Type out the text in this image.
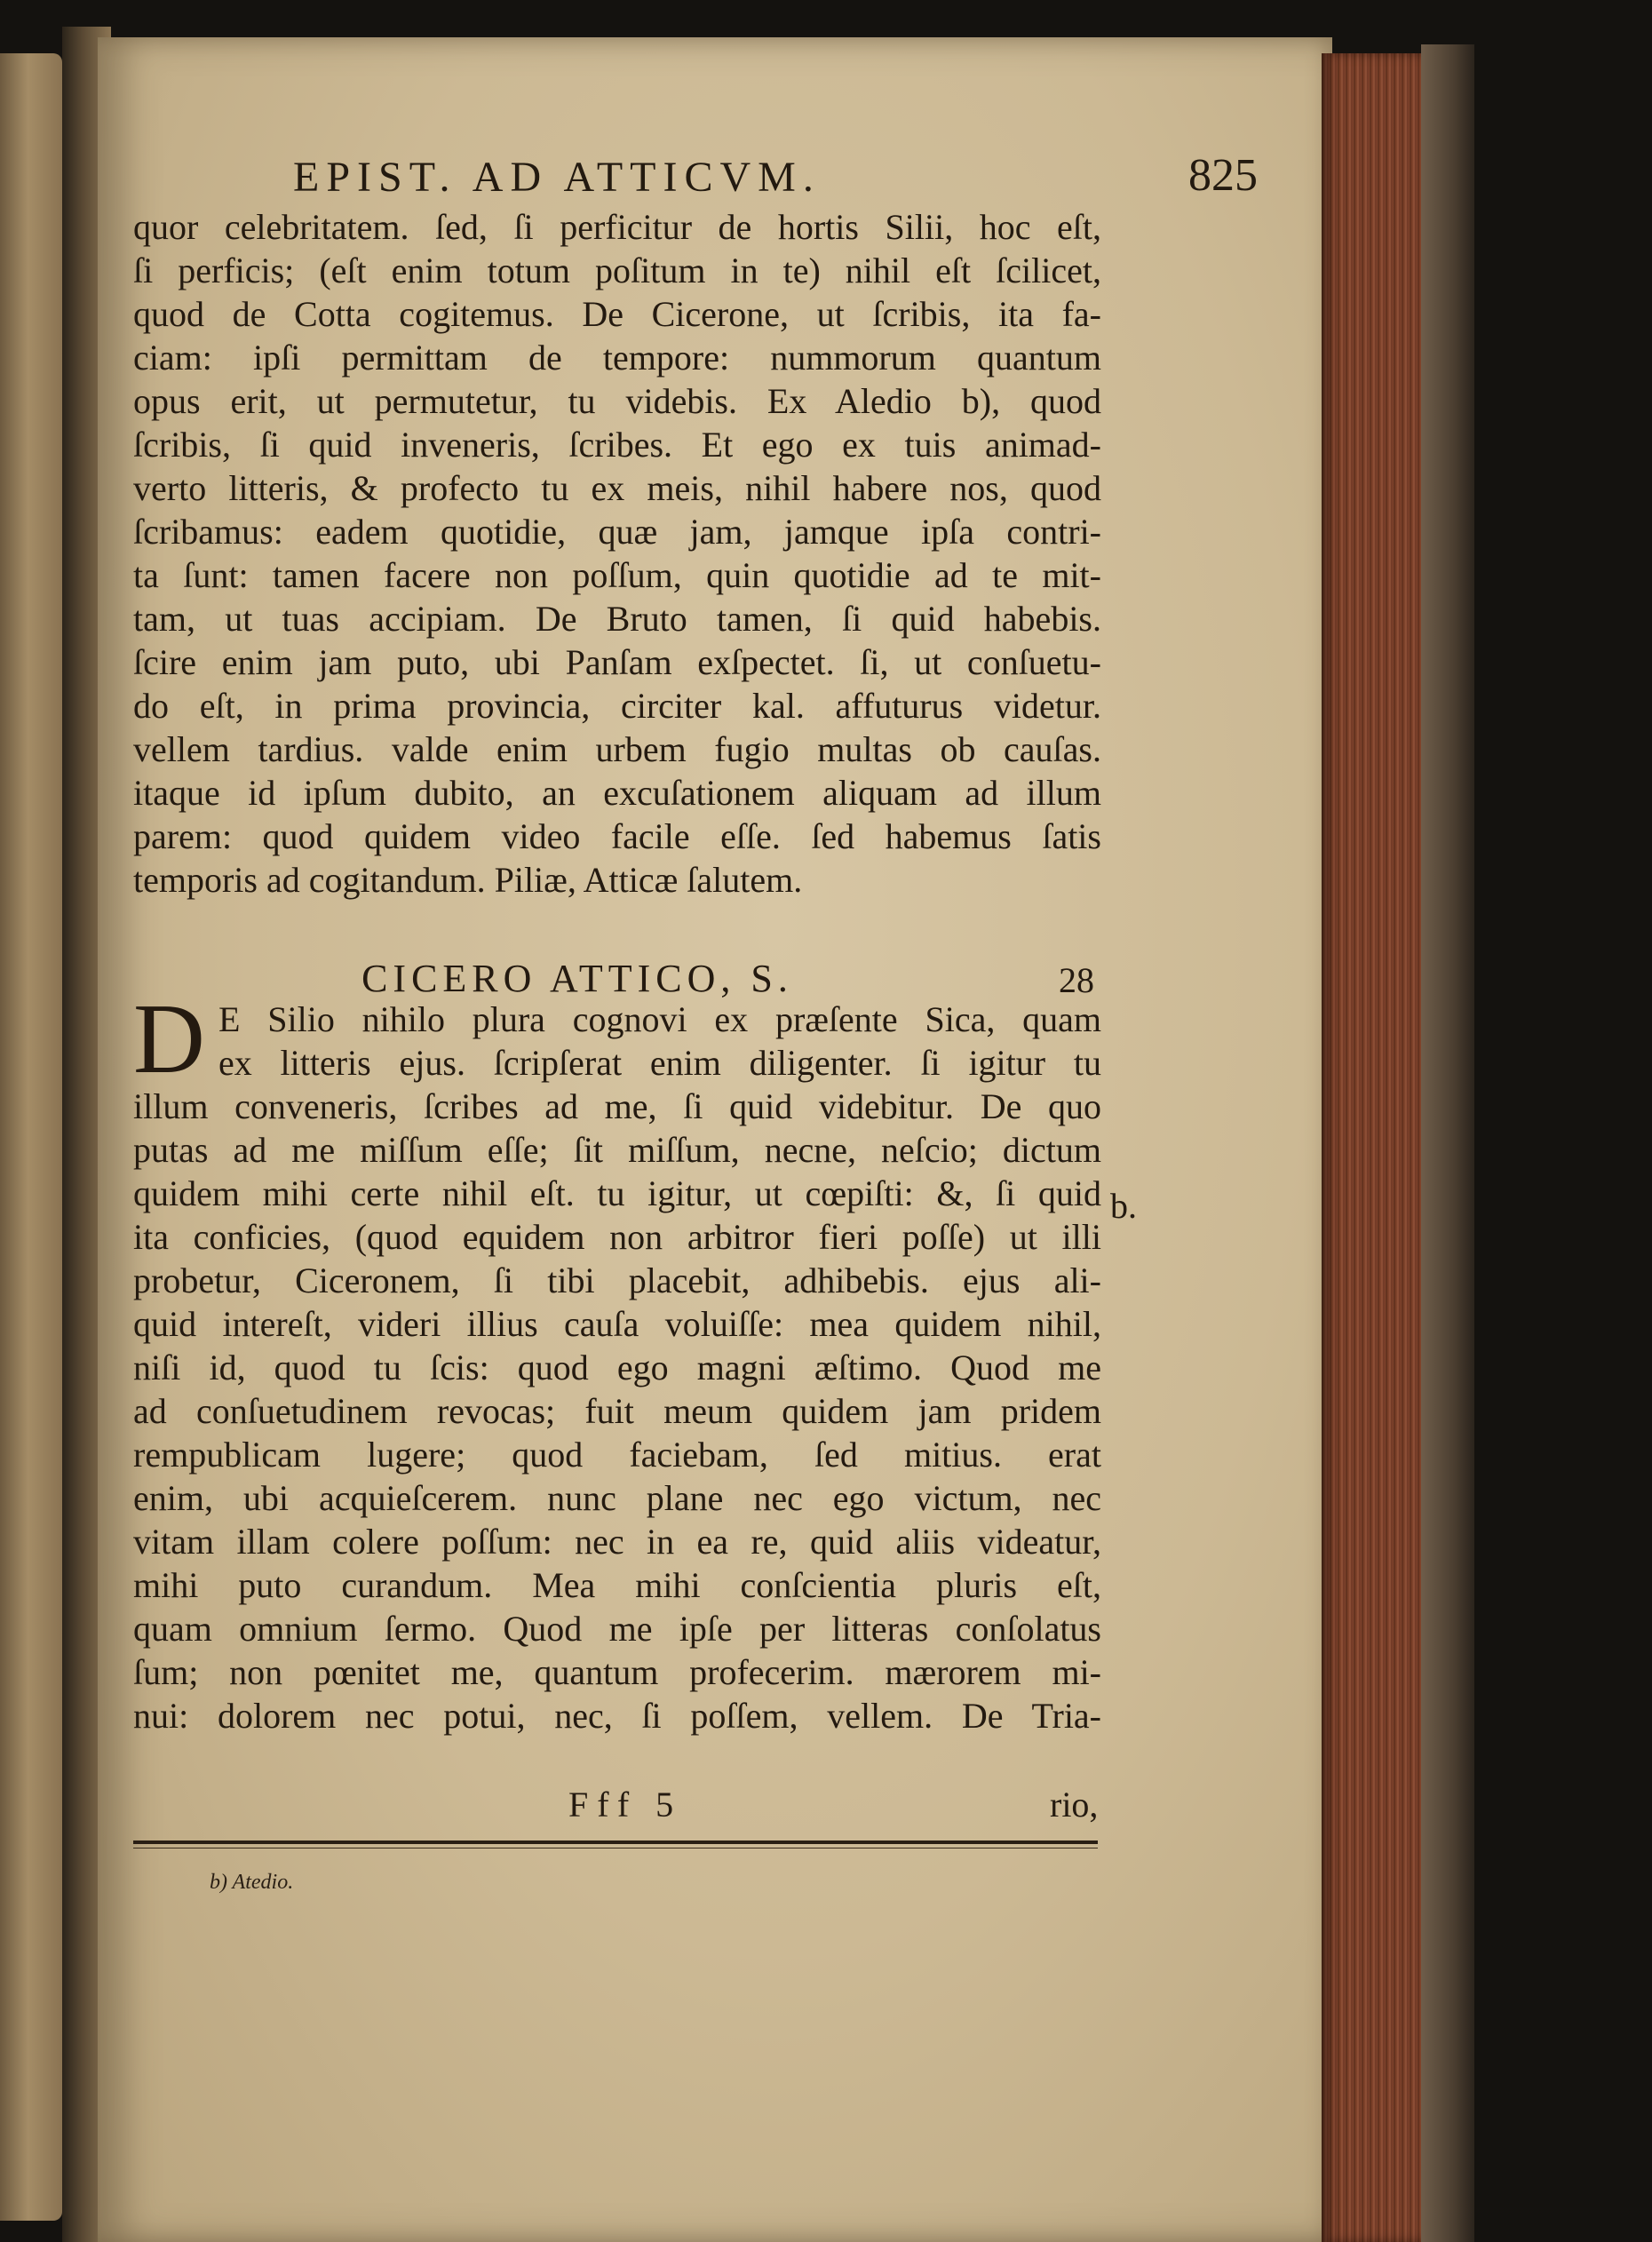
EPIST. AD ATTICVM.	825
quor celebritatem. ſed, ſi perficitur de hortis Silii, hoc eſt,
ſi perficis; (eſt enim totum poſitum in te) nihil eſt ſcilicet,
quod de Cotta cogitemus. De Cicerone, ut ſcribis, ita fa-
ciam: ipſi permittam de tempore: nummorum quantum
opus erit, ut permutetur, tu videbis. Ex Aledio b), quod
ſcribis, ſi quid inveneris, ſcribes. Et ego ex tuis animad-
verto litteris, & profectο tu ex meis, nihil habere nos, quod
ſcribamus: eadem quotidie, quæ jam, jamque ipſa contri-
ta ſunt: tamen facere non poſſum, quin quotidie ad te mit-
tam, ut tuas accipiam. De Bruto tamen, ſi quid habebis.
ſcire enim jam puto, ubi Panſam exſpectet. ſi, ut conſuetu-
do eſt, in prima provincia, circiter kal. affuturus videtur.
vellem tardius. valde enim urbem fugio multas ob cauſas.
itaque id ipſum dubito, an excuſationem aliquam ad illum
parem: quod quidem video facile eſſe. ſed habemus ſatis
temporis ad cogitandum. Piliæ, Atticæ ſalutem.
E Silio nihilo plura cognovi ex præſente Sica, quam
ex litteris ejus. ſcripſerat enim diligenter. ſi igitur tu
illum conveneris, ſcribes ad me, ſi quid videbitur. De quo
putas ad me miſſum eſſe; ſit miſſum, necne, neſcio; dictum
quidem mihi certe nihil eſt. tu igitur, ut cœpiſti: &, ſi quid
ita conficies, (quod equidem non arbitror fieri poſſe) ut illi
probetur, Ciceronem, ſi tibi placebit, adhibebis. ejus ali-
quid intereſt, videri illius cauſa voluiſſe: mea quidem nihil,
niſi id, quod tu ſcis: quod ego magni æſtimo. Quod me
ad conſuetudinem revocas; fuit meum quidem jam pridem
rempublicam lugere; quod faciebam, ſed mitius. erat
enim, ubi acquieſcerem. nunc plane nec ego victum, nec
vitam illam colere poſſum: nec in ea re, quid aliis videatur,
mihi puto curandum. Mea mihi conſcientia pluris eſt,
quam omnium ſermo. Quod me ipſe per litteras conſolatus
ſum; non pœnitet me, quantum profecerim. mærorem mi-
nui: dolorem nec potui, nec, ſi poſſem, vellem. De Tria-
CICERO ATTICO, S.	28
D
b.
Fff 5	rio,
b) Atedio.
